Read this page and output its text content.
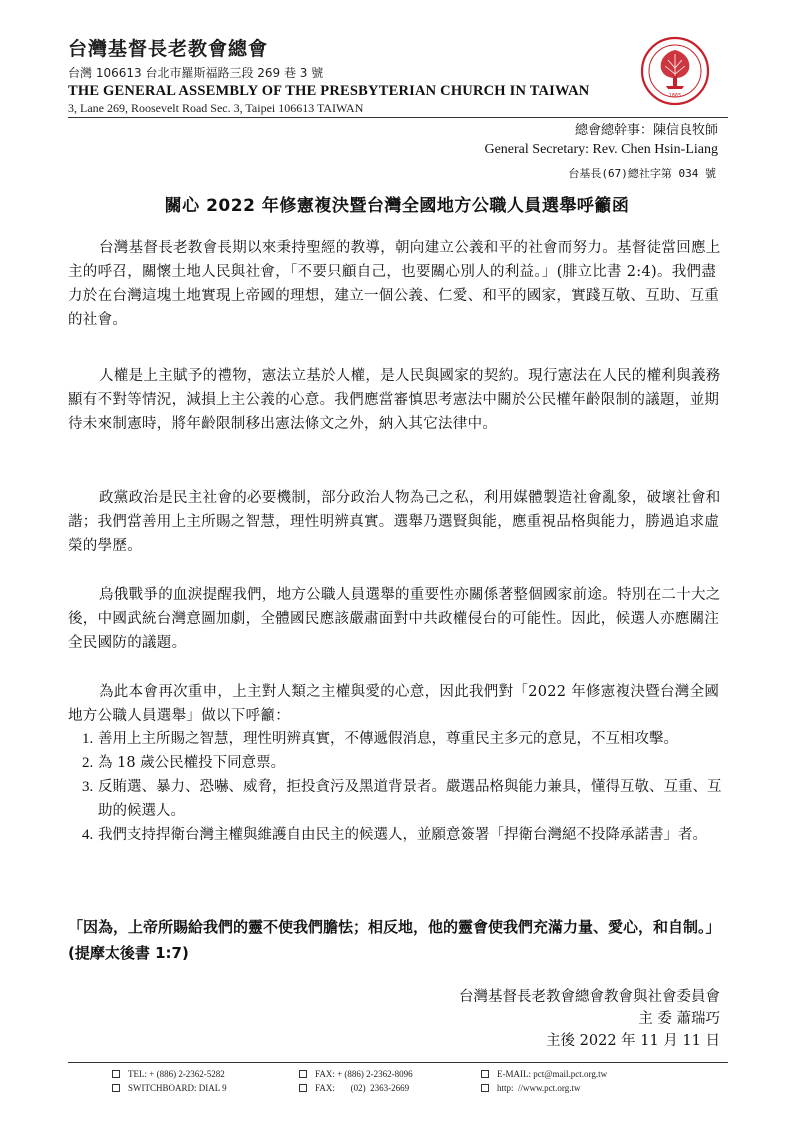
台灣基督長老教會總會
台灣 106613 台北市羅斯福路三段 269 巷 3 號
THE GENERAL ASSEMBLY OF THE PRESBYTERIAN CHURCH IN TAIWAN
3, Lane 269, Roosevelt Road Sec. 3, Taipei 106613 TAIWAN
1865
總會總幹事：陳信良牧師
General Secretary: Rev. Chen Hsin-Liang
台基長(67)總社字第 034 號
關心 2022 年修憲複決暨台灣全國地方公職人員選舉呼籲函

台灣基督長老教會長期以來秉持聖經的教導，朝向建立公義和平的社會而努力。基督徒當回應上主的呼召，關懷土地人民與社會，「不要只顧自己，也要關心別人的利益。」(腓立比書 2:4)。我們盡力於在台灣這塊土地實現上帝國的理想，建立一個公義、仁愛、和平的國家，實踐互敬、互助、互重的社會。

人權是上主賦予的禮物，憲法立基於人權，是人民與國家的契約。現行憲法在人民的權利與義務顯有不對等情況，減損上主公義的心意。我們應當審慎思考憲法中關於公民權年齡限制的議題，並期待未來制憲時，將年齡限制移出憲法條文之外，納入其它法律中。

政黨政治是民主社會的必要機制，部分政治人物為己之私，利用媒體製造社會亂象，破壞社會和諧；我們當善用上主所賜之智慧，理性明辨真實。選舉乃選賢與能，應重視品格與能力，勝過追求虛榮的學歷。

烏俄戰爭的血淚提醒我們，地方公職人員選舉的重要性亦關係著整個國家前途。特別在二十大之後，中國武統台灣意圖加劇，全體國民應該嚴肅面對中共政權侵台的可能性。因此，候選人亦應關注全民國防的議題。

為此本會再次重申，上主對人類之主權與愛的心意，因此我們對「2022 年修憲複決暨台灣全國地方公職人員選舉」做以下呼籲：

1. 善用上主所賜之智慧，理性明辨真實，不傳遞假消息，尊重民主多元的意見，不互相攻擊。
2. 為 18 歲公民權投下同意票。
3. 反賄選、暴力、恐嚇、威脅，拒投貪污及黑道背景者。嚴選品格與能力兼具，懂得互敬、互重、互助的候選人。
4. 我們支持捍衛台灣主權與維護自由民主的候選人，並願意簽署「捍衛台灣絕不投降承諾書」者。
「因為，上帝所賜給我們的靈不使我們膽怯；相反地，他的靈會使我們充滿力量、愛心，和自制。」(提摩太後書 1:7)
台灣基督長老教會總會教會與社會委員會
主 委 蕭瑞巧
主後 2022 年 11 月 11 日
TEL: + (886) 2-2362-5282	FAX: + (886) 2-2362-8096	E-MAIL: pct@mail.pct.org.tw
SWITCHBOARD: DIAL 9	FAX:       (02)  2363-2669	http:  //www.pct.org.tw
